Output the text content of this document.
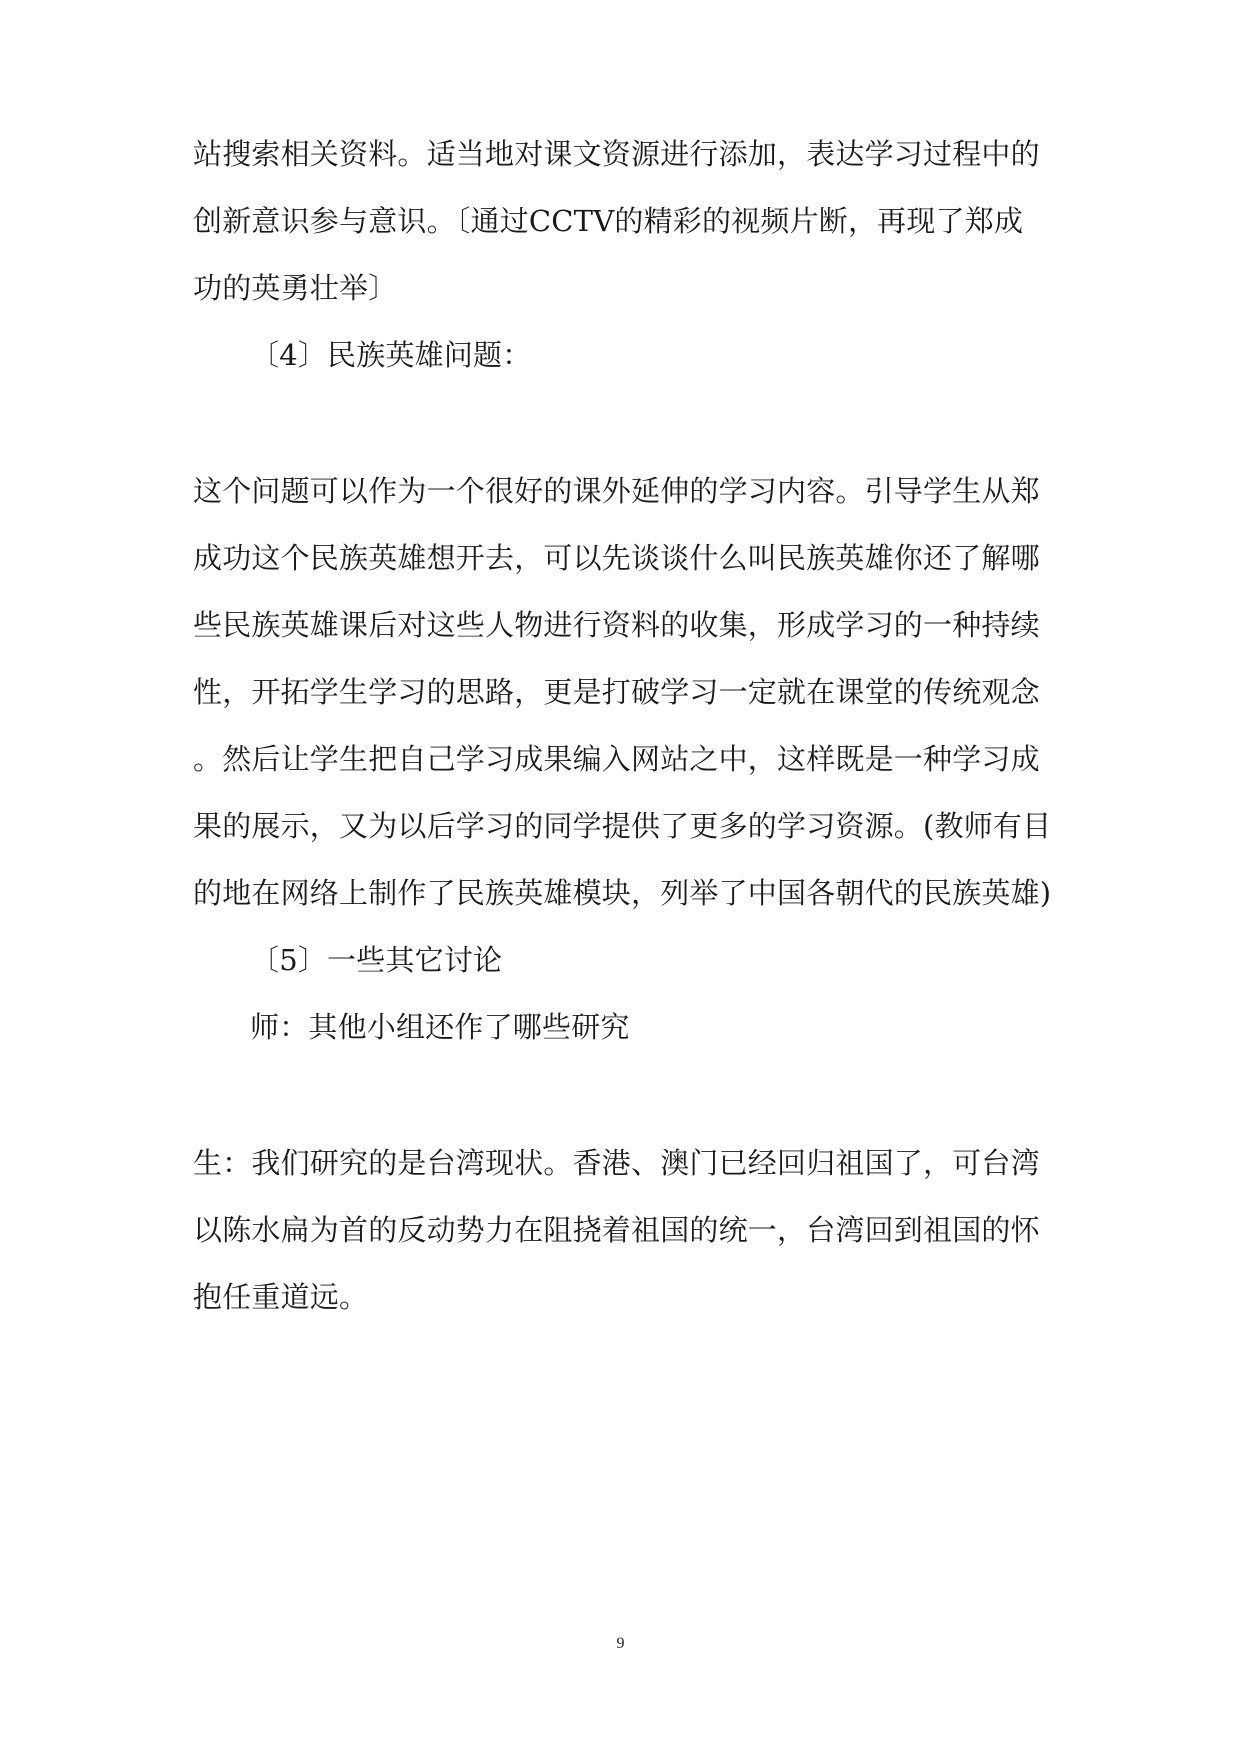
站搜索相关资料。适当地对课文资源进行添加，表达学习过程中的
创新意识参与意识。〔通过CCTV的精彩的视频片断，再现了郑成
功的英勇壮举〕
〔4〕民族英雄问题：
这个问题可以作为一个很好的课外延伸的学习内容。引导学生从郑
成功这个民族英雄想开去，可以先谈谈什么叫民族英雄你还了解哪
些民族英雄课后对这些人物进行资料的收集，形成学习的一种持续
性，开拓学生学习的思路，更是打破学习一定就在课堂的传统观念
。然后让学生把自己学习成果编入网站之中，这样既是一种学习成
果的展示，又为以后学习的同学提供了更多的学习资源。(教师有目
的地在网络上制作了民族英雄模块，列举了中国各朝代的民族英雄)
〔5〕一些其它讨论
师：其他小组还作了哪些研究
生：我们研究的是台湾现状。香港、澳门已经回归祖国了，可台湾
以陈水扁为首的反动势力在阻挠着祖国的统一，台湾回到祖国的怀
抱任重道远。
9
